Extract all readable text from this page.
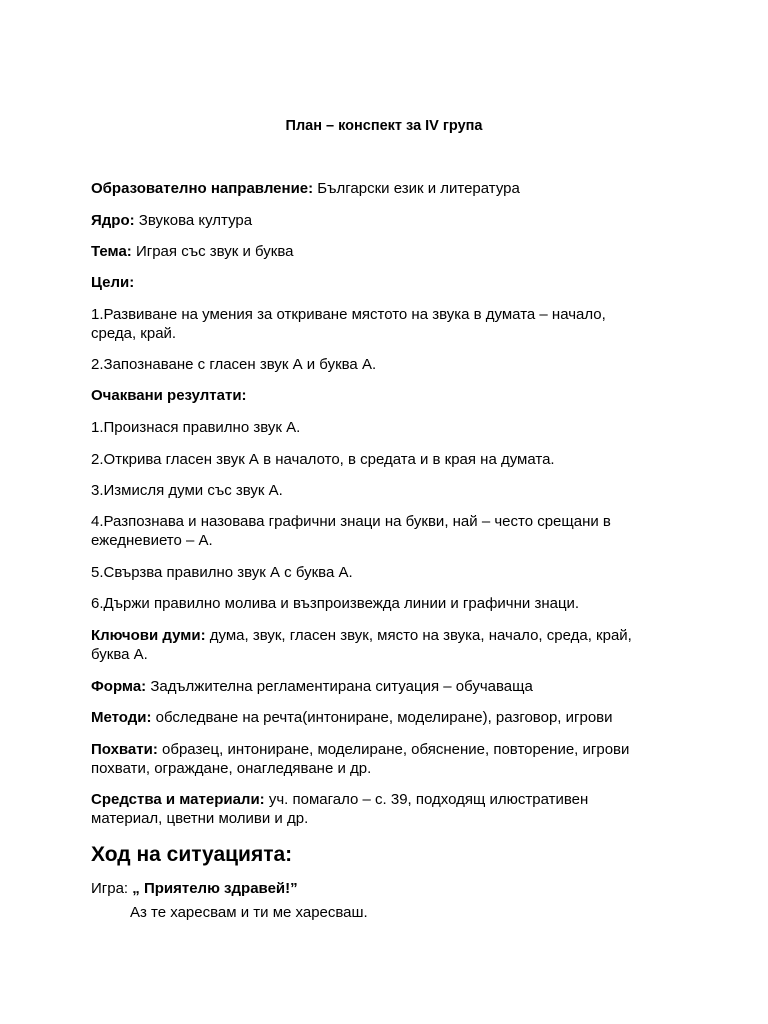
План – конспект за IV група
Образователно направление: Български език и литература
Ядро: Звукова култура
Тема: Играя със звук и буква
Цели:
1.Развиване на умения за откриване мястото на звука в думата – начало,
среда, край.
2.Запознаване с гласен звук А и буква А.
Очаквани резултати:
1.Произнася правилно звук А.
2.Открива гласен звук А в началото, в средата и в края на думата.
3.Измисля думи със звук А.
4.Разпознава и назовава графични знаци на букви, най – често срещани в
ежедневието – А.
5.Свързва правилно звук А с буква А.
6.Държи правилно молива и възпроизвежда линии и графични знаци.
Ключови думи: дума, звук, гласен звук, място на звука, начало, среда, край,
буква А.
Форма: Задължителна регламентирана ситуация – обучаваща
Методи: обследване на речта(интониране, моделиране), разговор, игрови
Похвати: образец, интониране, моделиране, обяснение, повторение, игрови
похвати, ограждане, онагледяване и др.
Средства и материали: уч. помагало – с. 39, подходящ илюстративен
материал, цветни моливи и др.
Ход на ситуацията:
Игра: „ Приятелю здравей!”
Аз те харесвам и ти ме харесваш.
